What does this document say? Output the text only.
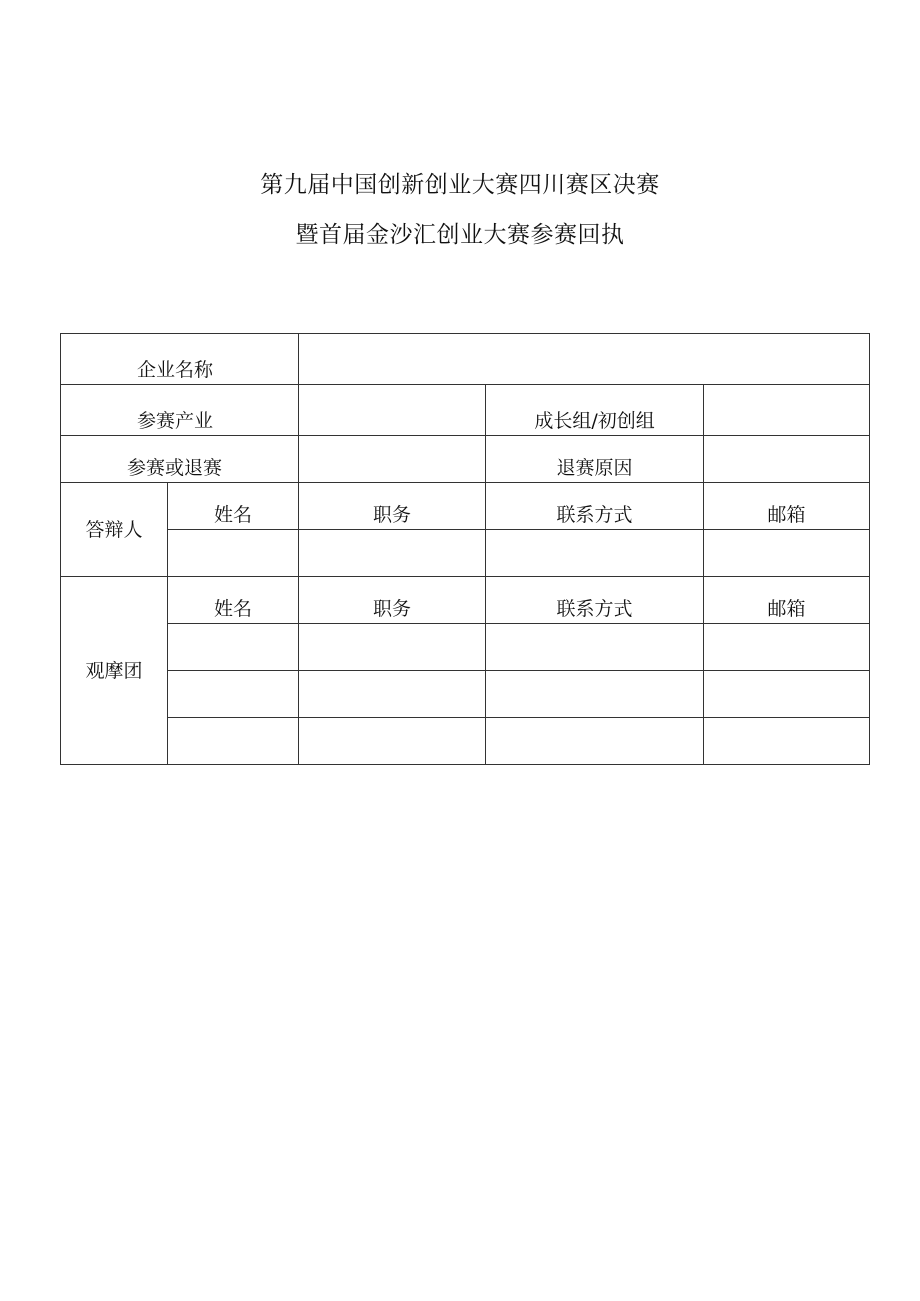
第九届中国创新创业大赛四川赛区决赛
暨首届金沙汇创业大赛参赛回执
企业名称				
参赛产业			成长组/初创组	
参赛或退赛			退赛原因	
答辩人	姓名	职务	联系方式	邮箱

观摩团	姓名	职务	联系方式	邮箱
